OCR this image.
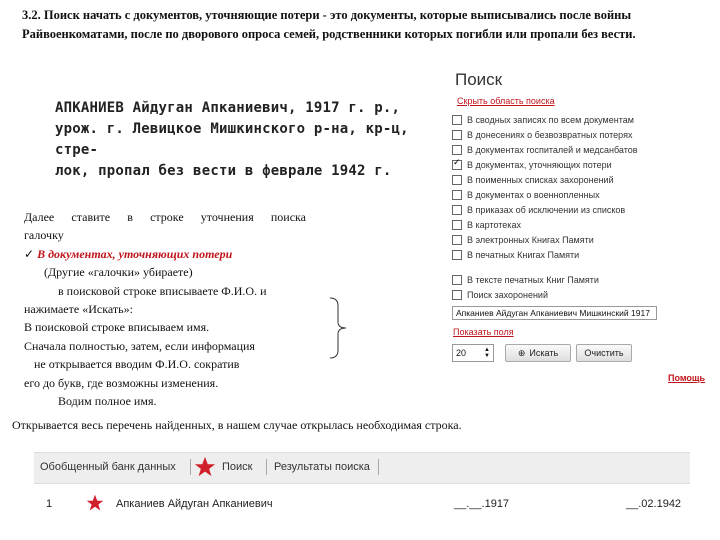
3.2. Поиск начать с документов, уточняющие потери - это документы, которые выписывались после войны Райвоенкоматами, после по дворового опроса семей, родственники которых погибли или пропали без вести.
АПКАНИЕВ Айдуган Апканиевич, 1917 г. р.,
урож. г. Левицкое Мишкинского р-на, кр-ц, стре-
лок, пропал без вести в феврале 1942 г.
Далее ставите в строке уточнения поиска
галочку
✓ В документах, уточняющих потери
(Другие «галочки» убираете)
в поисковой строке вписываете Ф.И.О. и
нажимаете «Искать»:
В поисковой строке вписываем имя.
Сначала полностью, затем, если информация
не открывается вводим Ф.И.О. сократив
его до букв, где возможны изменения.
Водим полное имя.
Поиск
Скрыть область поиска
В сводных записях по всем документам
В донесениях о безвозвратных потерях
В документах госпиталей и медсанбатов
✓
В документах, уточняющих потери
В поименных списках захоронений
В документах о военнопленных
В приказах об исключении из списков
В картотеках
В электронных Книгах Памяти
В печатных Книгах Памяти
В тексте печатных Книг Памяти
Поиск захоронений
Апканиев Айдуган Апканиевич Мишкинский 1917
Показать поля
20	▲
▼	⊕ Искать	Очистить
Помощь
Открывается весь перечень найденных, в нашем случае открылась необходимая строка.
Обобщенный банк данных	Поиск Результаты поиска
1	Апканиев Айдуган Апканиевич	__.__.1917	__.02.1942
